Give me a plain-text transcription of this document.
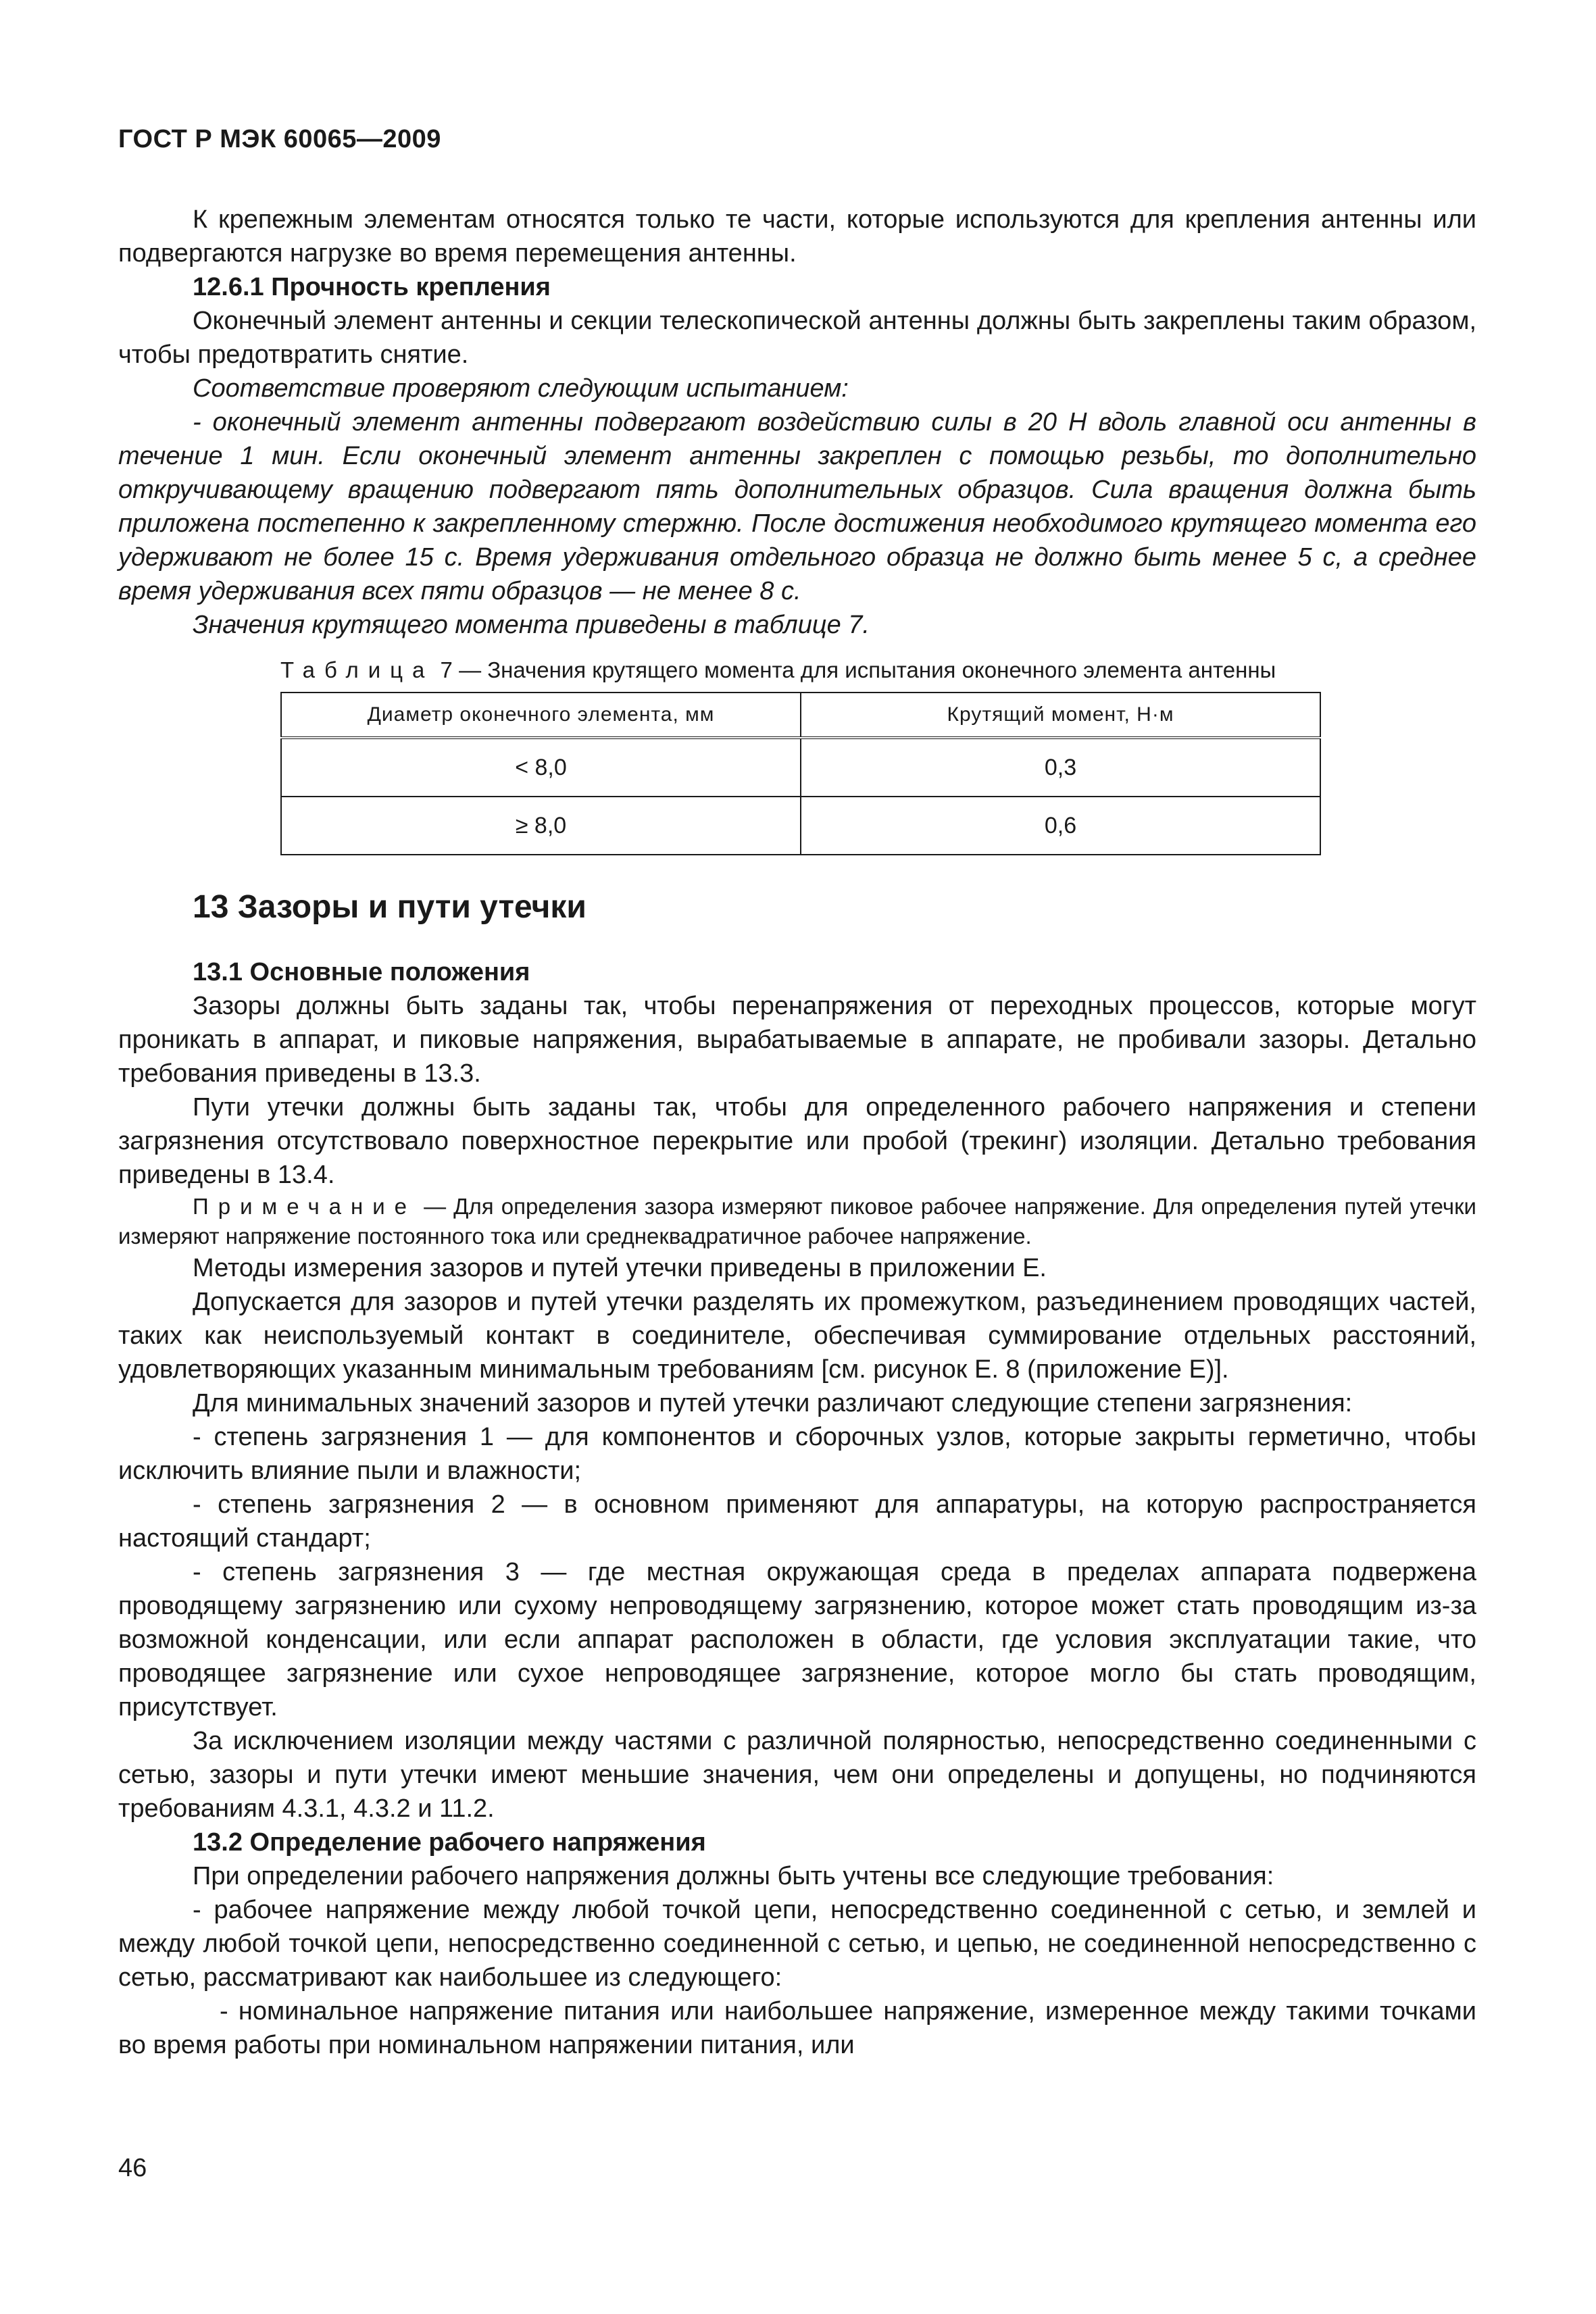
ГОСТ Р МЭК 60065—2009

К крепежным элементам относятся только те части, которые используются для крепления антенны или подвергаются нагрузке во время перемещения антенны.

12.6.1 Прочность крепления

Оконечный элемент антенны и секции телескопической антенны должны быть закреплены таким образом, чтобы предотвратить снятие.

Соответствие проверяют следующим испытанием:

- оконечный элемент антенны подвергают воздействию силы в 20 Н вдоль главной оси антенны в течение 1 мин. Если оконечный элемент антенны закреплен с помощью резьбы, то дополнительно откручивающему вращению подвергают пять дополнительных образцов. Сила вращения должна быть приложена постепенно к закрепленному стержню. После достижения необходимого крутящего момента его удерживают не более 15 с. Время удерживания отдельного образца не должно быть менее 5 с, а среднее время удерживания всех пяти образцов — не менее 8 с.

Значения крутящего момента приведены в таблице 7.

Таблица 7 — Значения крутящего момента для испытания оконечного элемента антенны
Диаметр оконечного элемента, мм	Крутящий момент, Н·м
< 8,0	0,3
≥ 8,0	0,6
13 Зазоры и пути утечки

13.1 Основные положения

Зазоры должны быть заданы так, чтобы перенапряжения от переходных процессов, которые могут проникать в аппарат, и пиковые напряжения, вырабатываемые в аппарате, не пробивали зазоры. Детально требования приведены в 13.3.

Пути утечки должны быть заданы так, чтобы для определенного рабочего напряжения и степени загрязнения отсутствовало поверхностное перекрытие или пробой (трекинг) изоляции. Детально требования приведены в 13.4.

Примечание — Для определения зазора измеряют пиковое рабочее напряжение. Для определения путей утечки измеряют напряжение постоянного тока или среднеквадратичное рабочее напряжение.

Методы измерения зазоров и путей утечки приведены в приложении Е.

Допускается для зазоров и путей утечки разделять их промежутком, разъединением проводящих частей, таких как неиспользуемый контакт в соединителе, обеспечивая суммирование отдельных расстояний, удовлетворяющих указанным минимальным требованиям [см. рисунок Е. 8 (приложение Е)].

Для минимальных значений зазоров и путей утечки различают следующие степени загрязнения:

- степень загрязнения 1 — для компонентов и сборочных узлов, которые закрыты герметично, чтобы исключить влияние пыли и влажности;

- степень загрязнения 2 — в основном применяют для аппаратуры, на которую распространяется настоящий стандарт;

- степень загрязнения 3 — где местная окружающая среда в пределах аппарата подвержена проводящему загрязнению или сухому непроводящему загрязнению, которое может стать проводящим из-за возможной конденсации, или если аппарат расположен в области, где условия эксплуатации такие, что проводящее загрязнение или сухое непроводящее загрязнение, которое могло бы стать проводящим, присутствует.

За исключением изоляции между частями с различной полярностью, непосредственно соединенными с сетью, зазоры и пути утечки имеют меньшие значения, чем они определены и допущены, но подчиняются требованиям 4.3.1, 4.3.2 и 11.2.

13.2 Определение рабочего напряжения

При определении рабочего напряжения должны быть учтены все следующие требования:

- рабочее напряжение между любой точкой цепи, непосредственно соединенной с сетью, и землей и между любой точкой цепи, непосредственно соединенной с сетью, и цепью, не соединенной непосредственно с сетью, рассматривают как наибольшее из следующего:

- номинальное напряжение питания или наибольшее напряжение, измеренное между такими точками во время работы при номинальном напряжении питания, или

46
